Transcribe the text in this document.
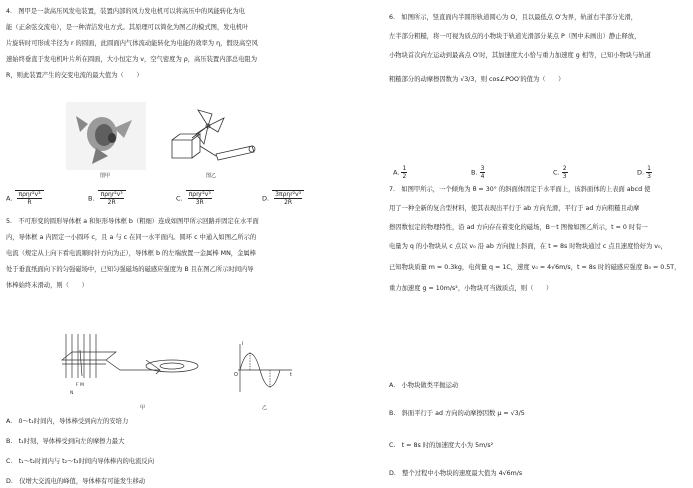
4.　图甲是一款高压风发电装置，装置内部的风力发电机可以将高压中的风能转化为电
能（正余弦交流电），是一种清洁发电方式。其原理可以简化为图乙的模式图，发电机叶
片旋转时可形成半径为 r 的圆面，此圆面内气体流动能转化为电能的效率为 η，假设高空风
速始终垂直于发电机叶片所在圆面，大小恒定为 v，空气密度为 ρ，高压装置内部总电阻为
R，则此装置产生的交变电流的最大值为（　　）
图甲	图乙
A. $\frac{\text{πρηr²v³}}{R}$	B. $\frac{\text{πρηr²v³}}{2R}$	C. $\frac{\text{πρηr²v³}}{3R}$	D. $\frac{\text{3πρηr²v³}}{2R}$
5.　不可形变的圆形导体框 a 和矩形导体框 b（粗细）连成如图甲所示回路并固定在水平面
内，导体框 a 内固定一小圆环 c，且 a 与 c 在同一水平面内。圆环 c 中通入如图乙所示的
电流（规定从上向下看电流顺时针方向为正），导体框 b 的左端放置一金属棒 MN，金属棒
处于垂直纸面向下的匀强磁场中，已知匀强磁场的磁感应强度为 B 且在图乙所示时间内导
体棒始终未滑动，则（　　）
F M
N
甲
i
t
O
乙
A.　0～t₁时间内，导体棒受到向左的安培力
B.　t₁时刻，导体棒受到向左的摩擦力最大
C.　t₁～t₂时间内与 t₂～t₃时间内导体棒内的电流反向
D.　仅增大交流电的峰值，导体棒有可能发生移动
6.　如图所示，竖直面内半圆形轨道圆心为 O，且以最低点 O′为界，轨道右半部分光滑，
左半部分粗糙，将一可视为质点的小物块于轨道光滑部分某点 P（图中未画出）静止释放，
小物块首次向左运动到最高点 O′时，其加速度大小恰与重力加速度 g 相等，已知小物块与轨道
粗糙部分的动摩擦因数为 √3/3，则 cos∠POO′的值为（　　）
A. $\frac{1}{2}$	B. $\frac{3}{4}$	C. $\frac{2}{3}$	D. $\frac{1}{3}$
7.　如图甲所示，一个倾角为 θ = 30° 的斜面体固定于水平面上，该斜面体的上表面 abcd 使
用了一种全新的复合型材料，使其表现出平行于 ab 方向光滑，平行于 ad 方向粗糙且动摩
擦因数恒定的物理特性，沿 ad 方向存在着变化的磁场，B－t 图像如图乙所示，t = 0 时有一
电量为 q 的小物块从 c 点以 v₀ 沿 ab 方向抛上斜面，在 t = 8s 时物块通过 c 点且速度恰好为 v₀，
已知物块质量 m = 0.3kg，电荷量 q = 1C，速度 v₀ = 4√6m/s，t = 8s 时的磁感应强度 B₀ = 0.5T，
重力加速度 g = 10m/s²，小物块可当做质点，则（　　）
A.　小物块做类平抛运动
B.　斜面平行于 ad 方向的动摩擦因数 μ = √3/5
C.　t = 8s 时的加速度大小为 5m/s²
D.　整个过程中小物块的速度最大值为 4√6m/s
